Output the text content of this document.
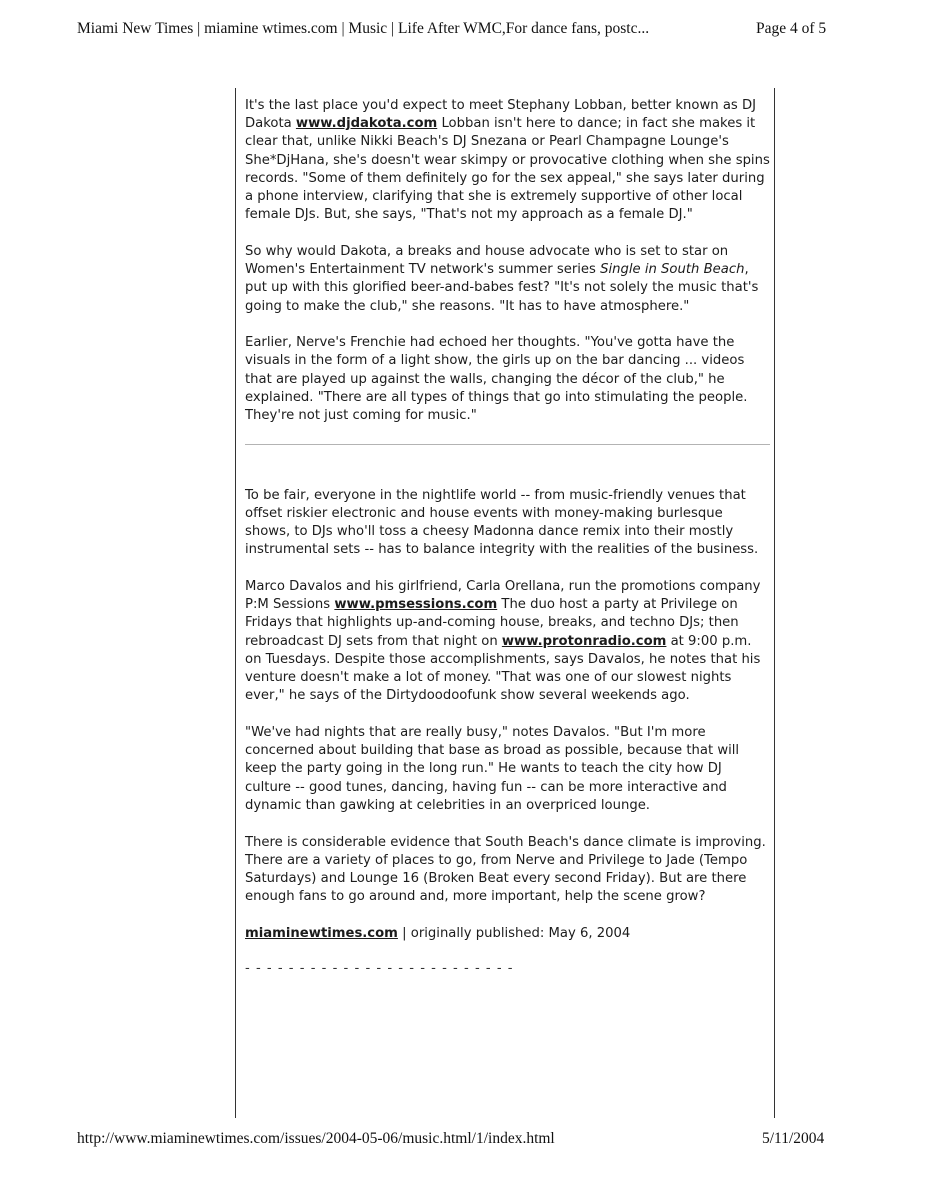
Miami New Times | miamine wtimes.com | Music | Life After WMC,For dance fans, postc...	Page 4 of 5

It's the last place you'd expect to meet Stephany Lobban, better known as DJ Dakota www.djdakota.com Lobban isn't here to dance; in fact she makes it clear that, unlike Nikki Beach's DJ Snezana or Pearl Champagne Lounge's She*DjHana, she's doesn't wear skimpy or provocative clothing when she spins records. "Some of them definitely go for the sex appeal," she says later during a phone interview, clarifying that she is extremely supportive of other local female DJs. But, she says, "That's not my approach as a female DJ."

So why would Dakota, a breaks and house advocate who is set to star on Women's Entertainment TV network's summer series Single in South Beach, put up with this glorified beer-and-babes fest? "It's not solely the music that's going to make the club," she reasons. "It has to have atmosphere."

Earlier, Nerve's Frenchie had echoed her thoughts. "You've gotta have the visuals in the form of a light show, the girls up on the bar dancing ... videos that are played up against the walls, changing the décor of the club," he explained. "There are all types of things that go into stimulating the people. They're not just coming for music."

To be fair, everyone in the nightlife world -- from music-friendly venues that offset riskier electronic and house events with money-making burlesque shows, to DJs who'll toss a cheesy Madonna dance remix into their mostly instrumental sets -- has to balance integrity with the realities of the business.

Marco Davalos and his girlfriend, Carla Orellana, run the promotions company P:M Sessions www.pmsessions.com The duo host a party at Privilege on Fridays that highlights up-and-coming house, breaks, and techno DJs; then rebroadcast DJ sets from that night on www.protonradio.com at 9:00 p.m. on Tuesdays. Despite those accomplishments, says Davalos, he notes that his venture doesn't make a lot of money. "That was one of our slowest nights ever," he says of the Dirtydoodoofunk show several weekends ago.

"We've had nights that are really busy," notes Davalos. "But I'm more concerned about building that base as broad as possible, because that will keep the party going in the long run." He wants to teach the city how DJ culture -- good tunes, dancing, having fun -- can be more interactive and dynamic than gawking at celebrities in an overpriced lounge.

There is considerable evidence that South Beach's dance climate is improving. There are a variety of places to go, from Nerve and Privilege to Jade (Tempo Saturdays) and Lounge 16 (Broken Beat every second Friday). But are there enough fans to go around and, more important, help the scene grow?

miaminewtimes.com | originally published: May 6, 2004

- - - - - - - - - - - - - - - - - - - - - - - - -
http://www.miaminewtimes.com/issues/2004-05-06/music.html/1/index.html	5/11/2004
